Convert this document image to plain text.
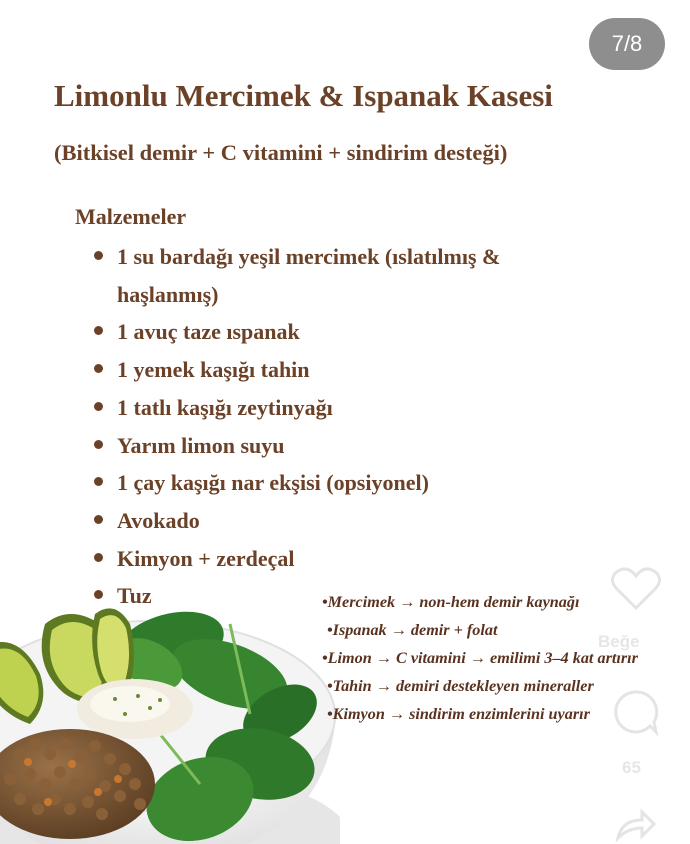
7/8
Limonlu Mercimek & Ispanak Kasesi
(Bitkisel demir + C vitamini + sindirim desteği)
Malzemeler
1 su bardağı yeşil mercimek (ıslatılmış & haşlanmış)
1 avuç taze ıspanak
1 yemek kaşığı tahin
1 tatlı kaşığı zeytinyağı
Yarım limon suyu
1 çay kaşığı nar ekşisi (opsiyonel)
Avokado
Kimyon + zerdeçal
Tuz	•Mercimek → non-hem demir kaynağı
•Ispanak → demir + folat
•Limon → C vitamini → emilimi 3–4 kat artırır
•Tahin → demiri destekleyen mineraller
•Kimyon → sindirim enzimlerini uyarır
Beğe
65
